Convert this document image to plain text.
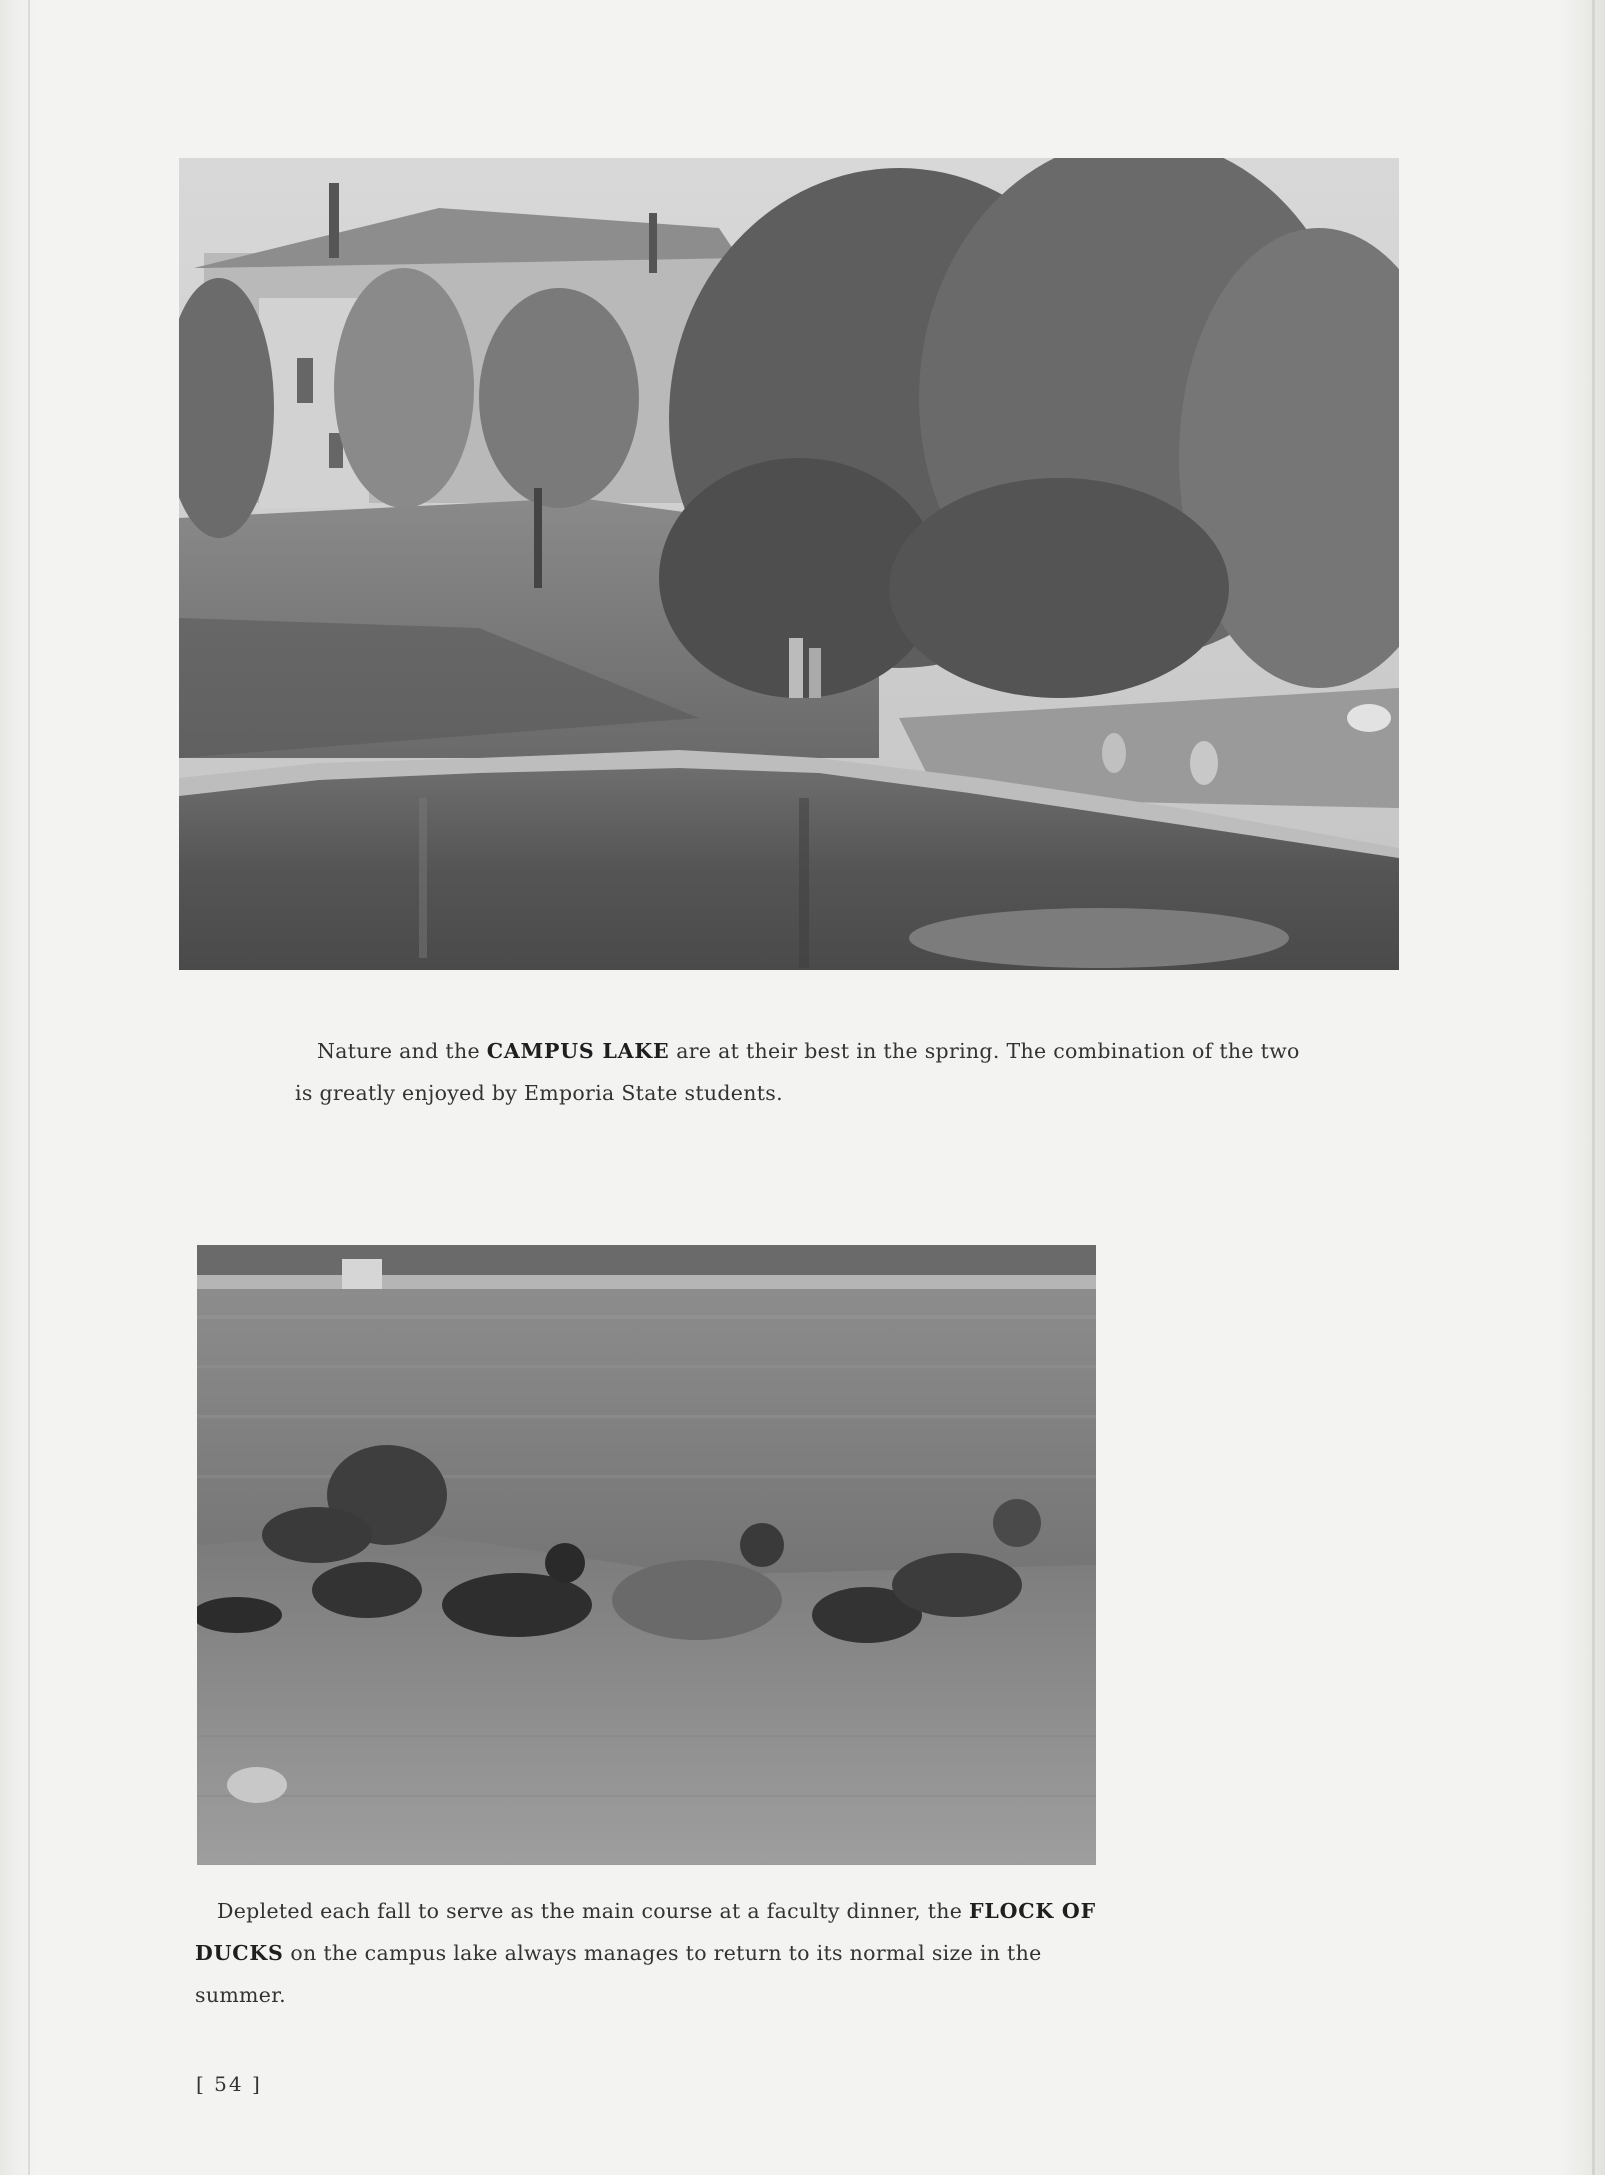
Nature and the CAMPUS LAKE are at their best in the spring. The combination of the two is greatly enjoyed by Emporia State students.
Depleted each fall to serve as the main course at a faculty dinner, the FLOCK OF DUCKS on the campus lake always manages to return to its normal size in the summer.
[ 54 ]
